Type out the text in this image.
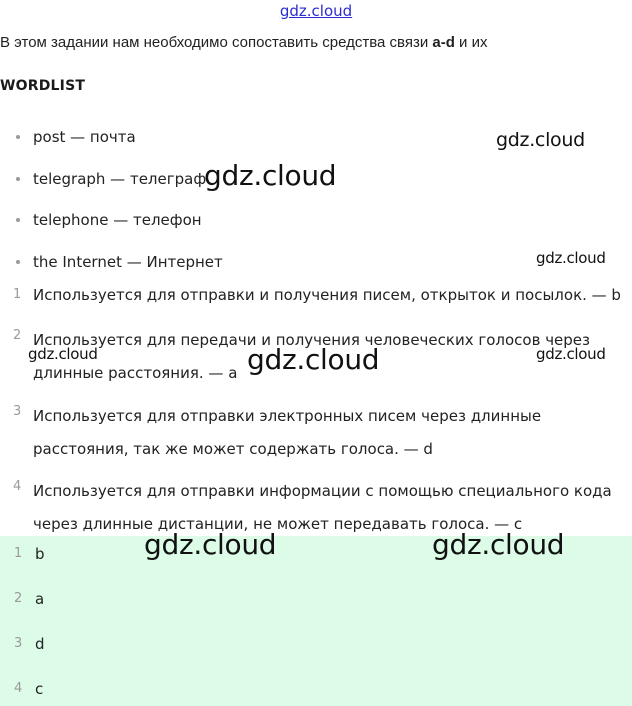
gdz.cloud
В этом задании нам необходимо сопоставить средства связи a-d и их
WORDLIST
post — почта
telegraph — телеграф
telephone — телефон
the Internet — Интернет
1 Используется для отправки и получения писем, открыток и посылок. — b
2 Используется для передачи и получения человеческих голосов через длинные расстояния. — a
3 Используется для отправки электронных писем через длинные расстояния, так же может содержать голоса. — d
4 Используется для отправки информации с помощью специального кода через длинные дистанции, не может передавать голоса. — c
1 b
2 a
3 d
4 c
gdz.cloud
gdz.cloud
gdz.cloud
gdz.cloud	gdz.cloud	gdz.cloud
gdz.cloud	gdz.cloud
